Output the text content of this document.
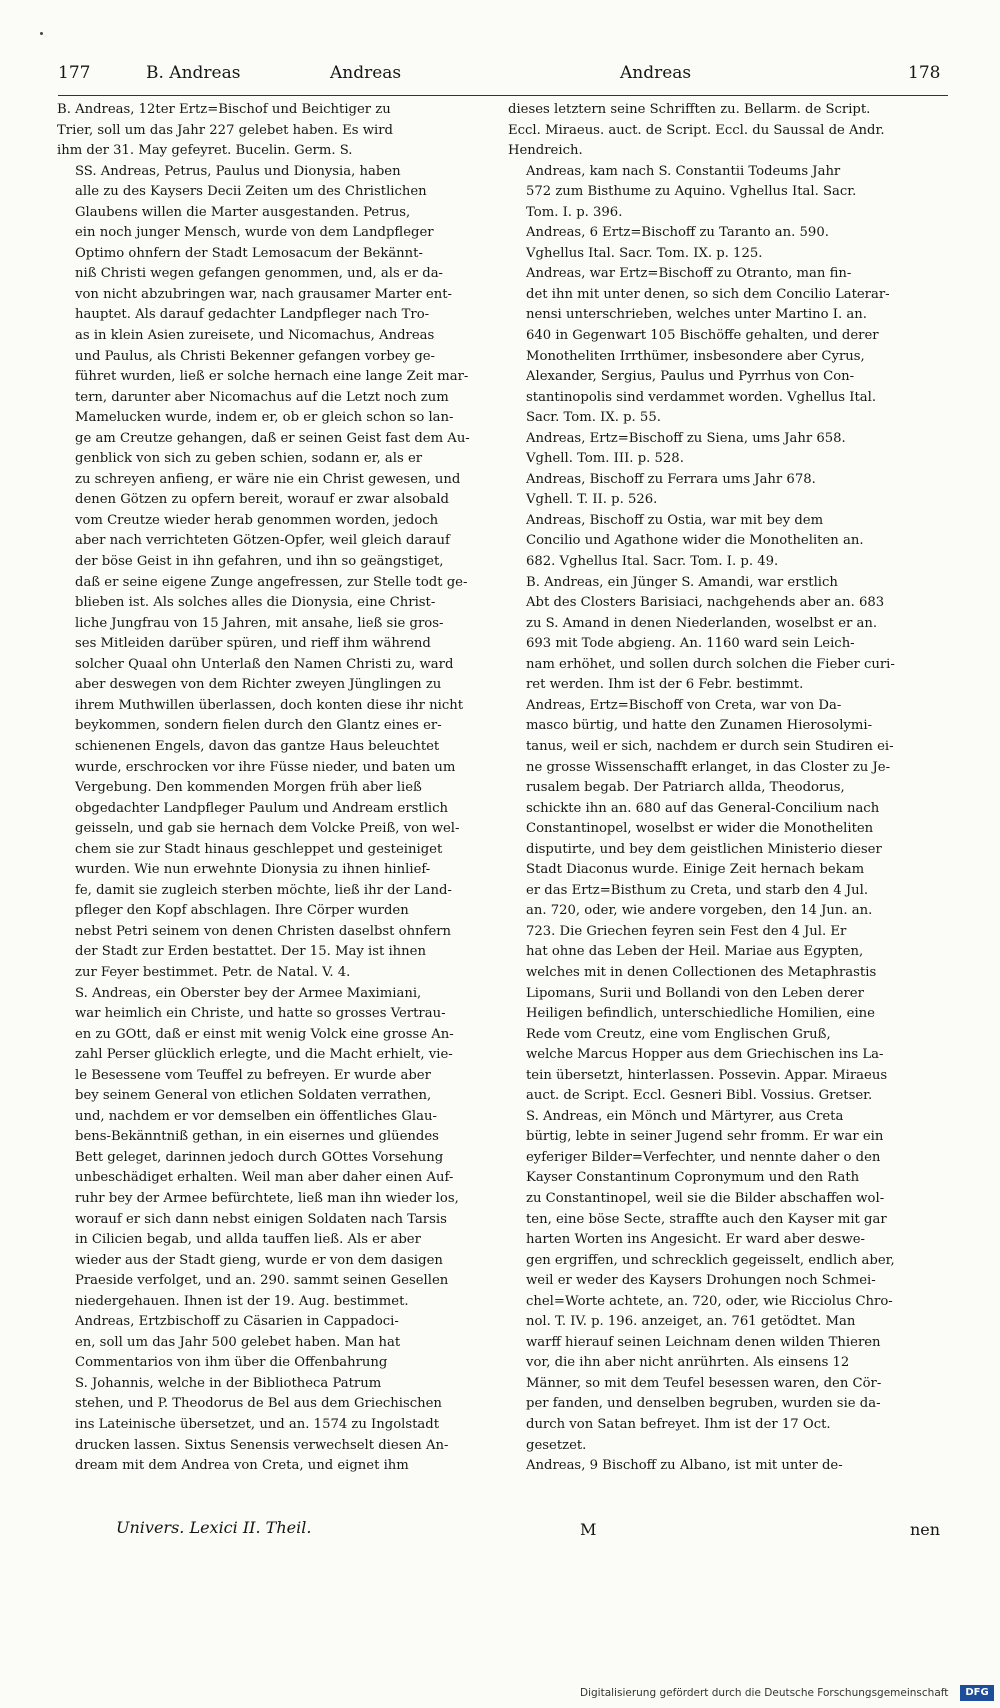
177	B. Andreas	Andreas	Andreas	178

B. Andreas, 12ter Ertz=Bischof und Beichtiger zu
Trier, soll um das Jahr 227 gelebet haben. Es wird
ihm der 31. May gefeyret. Bucelin. Germ. S.

SS. Andreas, Petrus, Paulus und Dionysia, haben
alle zu des Kaysers Decii Zeiten um des Christlichen
Glaubens willen die Marter ausgestanden. Petrus,
ein noch junger Mensch, wurde von dem Landpfleger
Optimo ohnfern der Stadt Lemosacum der Bekännt-
niß Christi wegen gefangen genommen, und, als er da-
von nicht abzubringen war, nach grausamer Marter ent-
hauptet. Als darauf gedachter Landpfleger nach Tro-
as in klein Asien zureisete, und Nicomachus, Andreas
und Paulus, als Christi Bekenner gefangen vorbey ge-
führet wurden, ließ er solche hernach eine lange Zeit mar-
tern, darunter aber Nicomachus auf die Letzt noch zum
Mamelucken wurde, indem er, ob er gleich schon so lan-
ge am Creutze gehangen, daß er seinen Geist fast dem Au-
genblick von sich zu geben schien, sodann er, als er
zu schreyen anfieng, er wäre nie ein Christ gewesen, und
denen Götzen zu opfern bereit, worauf er zwar alsobald
vom Creutze wieder herab genommen worden, jedoch
aber nach verrichteten Götzen-Opfer, weil gleich darauf
der böse Geist in ihn gefahren, und ihn so geängstiget,
daß er seine eigene Zunge angefressen, zur Stelle todt ge-
blieben ist. Als solches alles die Dionysia, eine Christ-
liche Jungfrau von 15 Jahren, mit ansahe, ließ sie gros-
ses Mitleiden darüber spüren, und rieff ihm während
solcher Quaal ohn Unterlaß den Namen Christi zu, ward
aber deswegen von dem Richter zweyen Jünglingen zu
ihrem Muthwillen überlassen, doch konten diese ihr nicht
beykommen, sondern fielen durch den Glantz eines er-
schienenen Engels, davon das gantze Haus beleuchtet
wurde, erschrocken vor ihre Füsse nieder, und baten um
Vergebung. Den kommenden Morgen früh aber ließ
obgedachter Landpfleger Paulum und Andream erstlich
geisseln, und gab sie hernach dem Volcke Preiß, von wel-
chem sie zur Stadt hinaus geschleppet und gesteiniget
wurden. Wie nun erwehnte Dionysia zu ihnen hinlief-
fe, damit sie zugleich sterben möchte, ließ ihr der Land-
pfleger den Kopf abschlagen. Ihre Cörper wurden
nebst Petri seinem von denen Christen daselbst ohnfern
der Stadt zur Erden bestattet. Der 15. May ist ihnen
zur Feyer bestimmet. Petr. de Natal. V. 4.

S. Andreas, ein Oberster bey der Armee Maximiani,
war heimlich ein Christe, und hatte so grosses Vertrau-
en zu GOtt, daß er einst mit wenig Volck eine grosse An-
zahl Perser glücklich erlegte, und die Macht erhielt, vie-
le Besessene vom Teuffel zu befreyen. Er wurde aber
bey seinem General von etlichen Soldaten verrathen,
und, nachdem er vor demselben ein öffentliches Glau-
bens-Bekänntniß gethan, in ein eisernes und glüendes
Bett geleget, darinnen jedoch durch GOttes Vorsehung
unbeschädiget erhalten. Weil man aber daher einen Auf-
ruhr bey der Armee befürchtete, ließ man ihn wieder los,
worauf er sich dann nebst einigen Soldaten nach Tarsis
in Cilicien begab, und allda tauffen ließ. Als er aber
wieder aus der Stadt gieng, wurde er von dem dasigen
Praeside verfolget, und an. 290. sammt seinen Gesellen
niedergehauen. Ihnen ist der 19. Aug. bestimmet.

Andreas, Ertzbischoff zu Cäsarien in Cappadoci-
en, soll um das Jahr 500 gelebet haben. Man hat
Commentarios von ihm über die Offenbahrung
S. Johannis, welche in der Bibliotheca Patrum
stehen, und P. Theodorus de Bel aus dem Griechischen
ins Lateinische übersetzet, und an. 1574 zu Ingolstadt
drucken lassen. Sixtus Senensis verwechselt diesen An-
dream mit dem Andrea von Creta, und eignet ihm

dieses letztern seine Schrifften zu. Bellarm. de Script.
Eccl. Miraeus. auct. de Script. Eccl. du Saussal de Andr.
Hendreich.

Andreas, kam nach S. Constantii Todeums Jahr
572 zum Bisthume zu Aquino. Vghellus Ital. Sacr.
Tom. I. p. 396.

Andreas, 6 Ertz=Bischoff zu Taranto an. 590.
Vghellus Ital. Sacr. Tom. IX. p. 125.

Andreas, war Ertz=Bischoff zu Otranto, man fin-
det ihn mit unter denen, so sich dem Concilio Laterar-
nensi unterschrieben, welches unter Martino I. an.
640 in Gegenwart 105 Bischöffe gehalten, und derer
Monotheliten Irrthümer, insbesondere aber Cyrus,
Alexander, Sergius, Paulus und Pyrrhus von Con-
stantinopolis sind verdammet worden. Vghellus Ital.
Sacr. Tom. IX. p. 55.

Andreas, Ertz=Bischoff zu Siena, ums Jahr 658.
Vghell. Tom. III. p. 528.

Andreas, Bischoff zu Ferrara ums Jahr 678.
Vghell. T. II. p. 526.

Andreas, Bischoff zu Ostia, war mit bey dem
Concilio und Agathone wider die Monotheliten an.
682. Vghellus Ital. Sacr. Tom. I. p. 49.

B. Andreas, ein Jünger S. Amandi, war erstlich
Abt des Closters Barisiaci, nachgehends aber an. 683
zu S. Amand in denen Niederlanden, woselbst er an.
693 mit Tode abgieng. An. 1160 ward sein Leich-
nam erhöhet, und sollen durch solchen die Fieber curi-
ret werden. Ihm ist der 6 Febr. bestimmt.

Andreas, Ertz=Bischoff von Creta, war von Da-
masco bürtig, und hatte den Zunamen Hierosolymi-
tanus, weil er sich, nachdem er durch sein Studiren ei-
ne grosse Wissenschafft erlanget, in das Closter zu Je-
rusalem begab. Der Patriarch allda, Theodorus,
schickte ihn an. 680 auf das General-Concilium nach
Constantinopel, woselbst er wider die Monotheliten
disputirte, und bey dem geistlichen Ministerio dieser
Stadt Diaconus wurde. Einige Zeit hernach bekam
er das Ertz=Bisthum zu Creta, und starb den 4 Jul.
an. 720, oder, wie andere vorgeben, den 14 Jun. an.
723. Die Griechen feyren sein Fest den 4 Jul. Er
hat ohne das Leben der Heil. Mariae aus Egypten,
welches mit in denen Collectionen des Metaphrastis
Lipomans, Surii und Bollandi von den Leben derer
Heiligen befindlich, unterschiedliche Homilien, eine
Rede vom Creutz, eine vom Englischen Gruß,
welche Marcus Hopper aus dem Griechischen ins La-
tein übersetzt, hinterlassen. Possevin. Appar. Miraeus
auct. de Script. Eccl. Gesneri Bibl. Vossius. Gretser.

S. Andreas, ein Mönch und Märtyrer, aus Creta
bürtig, lebte in seiner Jugend sehr fromm. Er war ein
eyferiger Bilder=Verfechter, und nennte daher o den
Kayser Constantinum Copronymum und den Rath
zu Constantinopel, weil sie die Bilder abschaffen wol-
ten, eine böse Secte, straffte auch den Kayser mit gar
harten Worten ins Angesicht. Er ward aber deswe-
gen ergriffen, und schrecklich gegeisselt, endlich aber,
weil er weder des Kaysers Drohungen noch Schmei-
chel=Worte achtete, an. 720, oder, wie Ricciolus Chro-
nol. T. IV. p. 196. anzeiget, an. 761 getödtet. Man
warff hierauf seinen Leichnam denen wilden Thieren
vor, die ihn aber nicht anrührten. Als einsens 12
Männer, so mit dem Teufel besessen waren, den Cör-
per fanden, und denselben begruben, wurden sie da-
durch von Satan befreyet. Ihm ist der 17 Oct.
gesetzet.

Andreas, 9 Bischoff zu Albano, ist mit unter de-

Univers. Lexici II. Theil.	M	nen
Digitalisierung gefördert durch die Deutsche Forschungsgemeinschaft	DFG
